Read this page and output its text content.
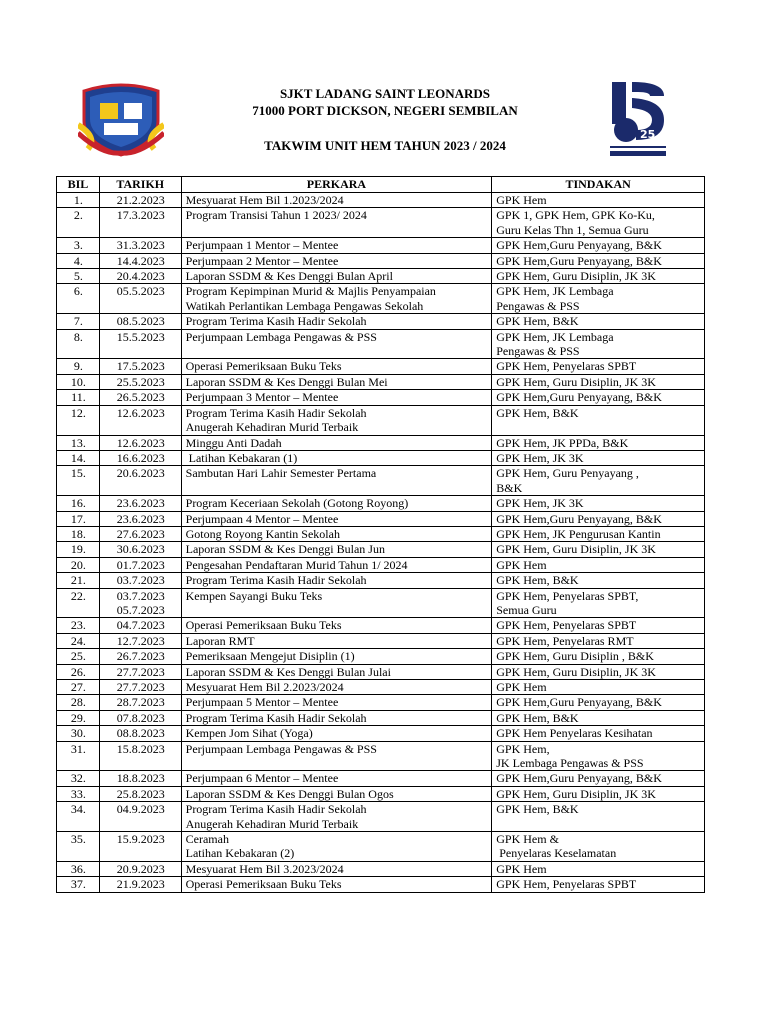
SJKT LADANG SAINT LEONARDS
71000 PORT DICKSON, NEGERI SEMBILAN
TAKWIM UNIT HEM TAHUN 2023 / 2024
25
BIL	TARIKH	PERKARA	TINDAKAN
1.	21.2.2023	Mesyuarat Hem Bil 1.2023/2024	GPK Hem

2.	17.3.2023	Program Transisi Tahun 1 2023/ 2024	GPK 1, GPK Hem, GPK Ko-Ku,
Guru Kelas Thn 1, Semua Guru

3.	31.3.2023	Perjumpaan 1 Mentor – Mentee	GPK Hem,Guru Penyayang, B&K

4.	14.4.2023	Perjumpaan 2 Mentor – Mentee	GPK Hem,Guru Penyayang, B&K

5.	20.4.2023	Laporan SSDM & Kes Denggi Bulan April	GPK Hem, Guru Disiplin, JK 3K

6.	05.5.2023	Program Kepimpinan Murid & Majlis Penyampaian
Watikah Perlantikan Lembaga Pengawas Sekolah	GPK Hem, JK Lembaga
Pengawas & PSS

7.	08.5.2023	Program Terima Kasih Hadir Sekolah	GPK Hem, B&K

8.	15.5.2023	Perjumpaan Lembaga Pengawas & PSS	GPK Hem, JK Lembaga
Pengawas & PSS

9.	17.5.2023	Operasi Pemeriksaan Buku Teks	GPK Hem, Penyelaras SPBT

10.	25.5.2023	Laporan SSDM & Kes Denggi Bulan Mei	GPK Hem, Guru Disiplin, JK 3K

11.	26.5.2023	Perjumpaan 3 Mentor – Mentee	GPK Hem,Guru Penyayang, B&K

12.	12.6.2023	Program Terima Kasih Hadir Sekolah
Anugerah Kehadiran Murid Terbaik	GPK Hem, B&K

13.	12.6.2023	Minggu Anti Dadah	GPK Hem, JK PPDa, B&K

14.	16.6.2023	Latihan Kebakaran (1)	GPK Hem, JK 3K

15.	20.6.2023	Sambutan Hari Lahir Semester Pertama	GPK Hem, Guru Penyayang ,
B&K

16.	23.6.2023	Program Keceriaan Sekolah (Gotong Royong)	GPK Hem, JK 3K

17.	23.6.2023	Perjumpaan 4 Mentor – Mentee	GPK Hem,Guru Penyayang, B&K

18.	27.6.2023	Gotong Royong Kantin Sekolah	GPK Hem, JK Pengurusan Kantin

19.	30.6.2023	Laporan SSDM & Kes Denggi Bulan Jun	GPK Hem, Guru Disiplin, JK 3K

20.	01.7.2023	Pengesahan Pendaftaran Murid Tahun 1/ 2024	GPK Hem

21.	03.7.2023	Program Terima Kasih Hadir Sekolah	GPK Hem, B&K

22.	03.7.2023
05.7.2023	Kempen Sayangi Buku Teks	GPK Hem, Penyelaras SPBT,
Semua Guru

23.	04.7.2023	Operasi Pemeriksaan Buku Teks	GPK Hem, Penyelaras SPBT

24.	12.7.2023	Laporan RMT	GPK Hem, Penyelaras RMT

25.	26.7.2023	Pemeriksaan Mengejut Disiplin (1)	GPK Hem, Guru Disiplin , B&K

26.	27.7.2023	Laporan SSDM & Kes Denggi Bulan Julai	GPK Hem, Guru Disiplin, JK 3K

27.	27.7.2023	Mesyuarat Hem Bil 2.2023/2024	GPK Hem

28.	28.7.2023	Perjumpaan 5 Mentor – Mentee	GPK Hem,Guru Penyayang, B&K

29.	07.8.2023	Program Terima Kasih Hadir Sekolah	GPK Hem, B&K

30.	08.8.2023	Kempen Jom Sihat (Yoga)	GPK Hem Penyelaras Kesihatan

31.	15.8.2023	Perjumpaan Lembaga Pengawas & PSS	GPK Hem,
JK Lembaga Pengawas & PSS

32.	18.8.2023	Perjumpaan 6 Mentor – Mentee	GPK Hem,Guru Penyayang, B&K

33.	25.8.2023	Laporan SSDM & Kes Denggi Bulan Ogos	GPK Hem, Guru Disiplin, JK 3K

34.	04.9.2023	Program Terima Kasih Hadir Sekolah
Anugerah Kehadiran Murid Terbaik	GPK Hem, B&K

35.	15.9.2023	Ceramah
Latihan Kebakaran (2)	GPK Hem &
Penyelaras Keselamatan

36.	20.9.2023	Mesyuarat Hem Bil 3.2023/2024	GPK Hem

37.	21.9.2023	Operasi Pemeriksaan Buku Teks	GPK Hem, Penyelaras SPBT
